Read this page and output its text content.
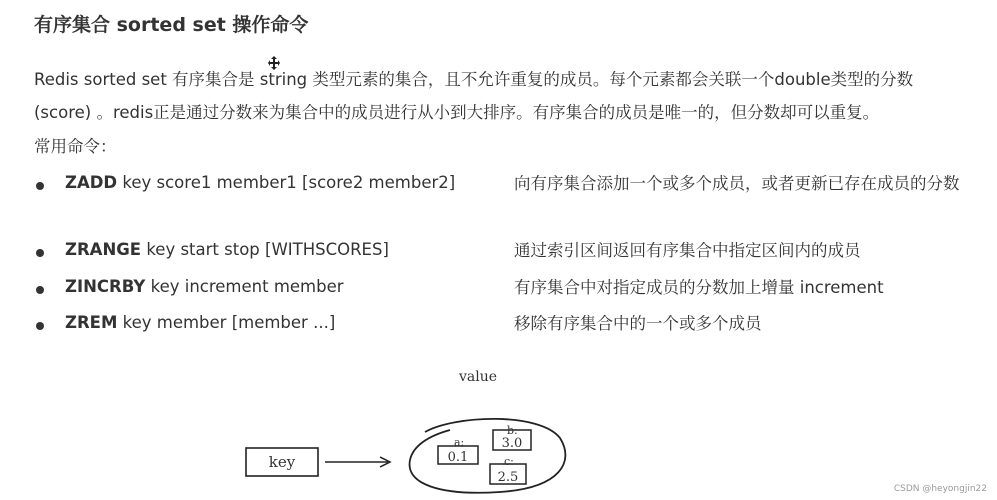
有序集合 sorted set 操作命令
Redis sorted set 有序集合是 string 类型元素的集合，且不允许重复的成员。每个元素都会关联一个double类型的分数
(score) 。redis正是通过分数来为集合中的成员进行从小到大排序。有序集合的成员是唯一的，但分数却可以重复。
常用命令：
ZADD key score1 member1 [score2 member2]	向有序集合添加一个或多个成员，或者更新已存在成员的分数
ZRANGE key start stop [WITHSCORES]	通过索引区间返回有序集合中指定区间内的成员
ZINCRBY key increment member	有序集合中对指定成员的分数加上增量 increment
ZREM key member [member ...]	移除有序集合中的一个或多个成员
value
key
a:
0.1
b:
3.0
c:
2.5
CSDN @heyongjin22
